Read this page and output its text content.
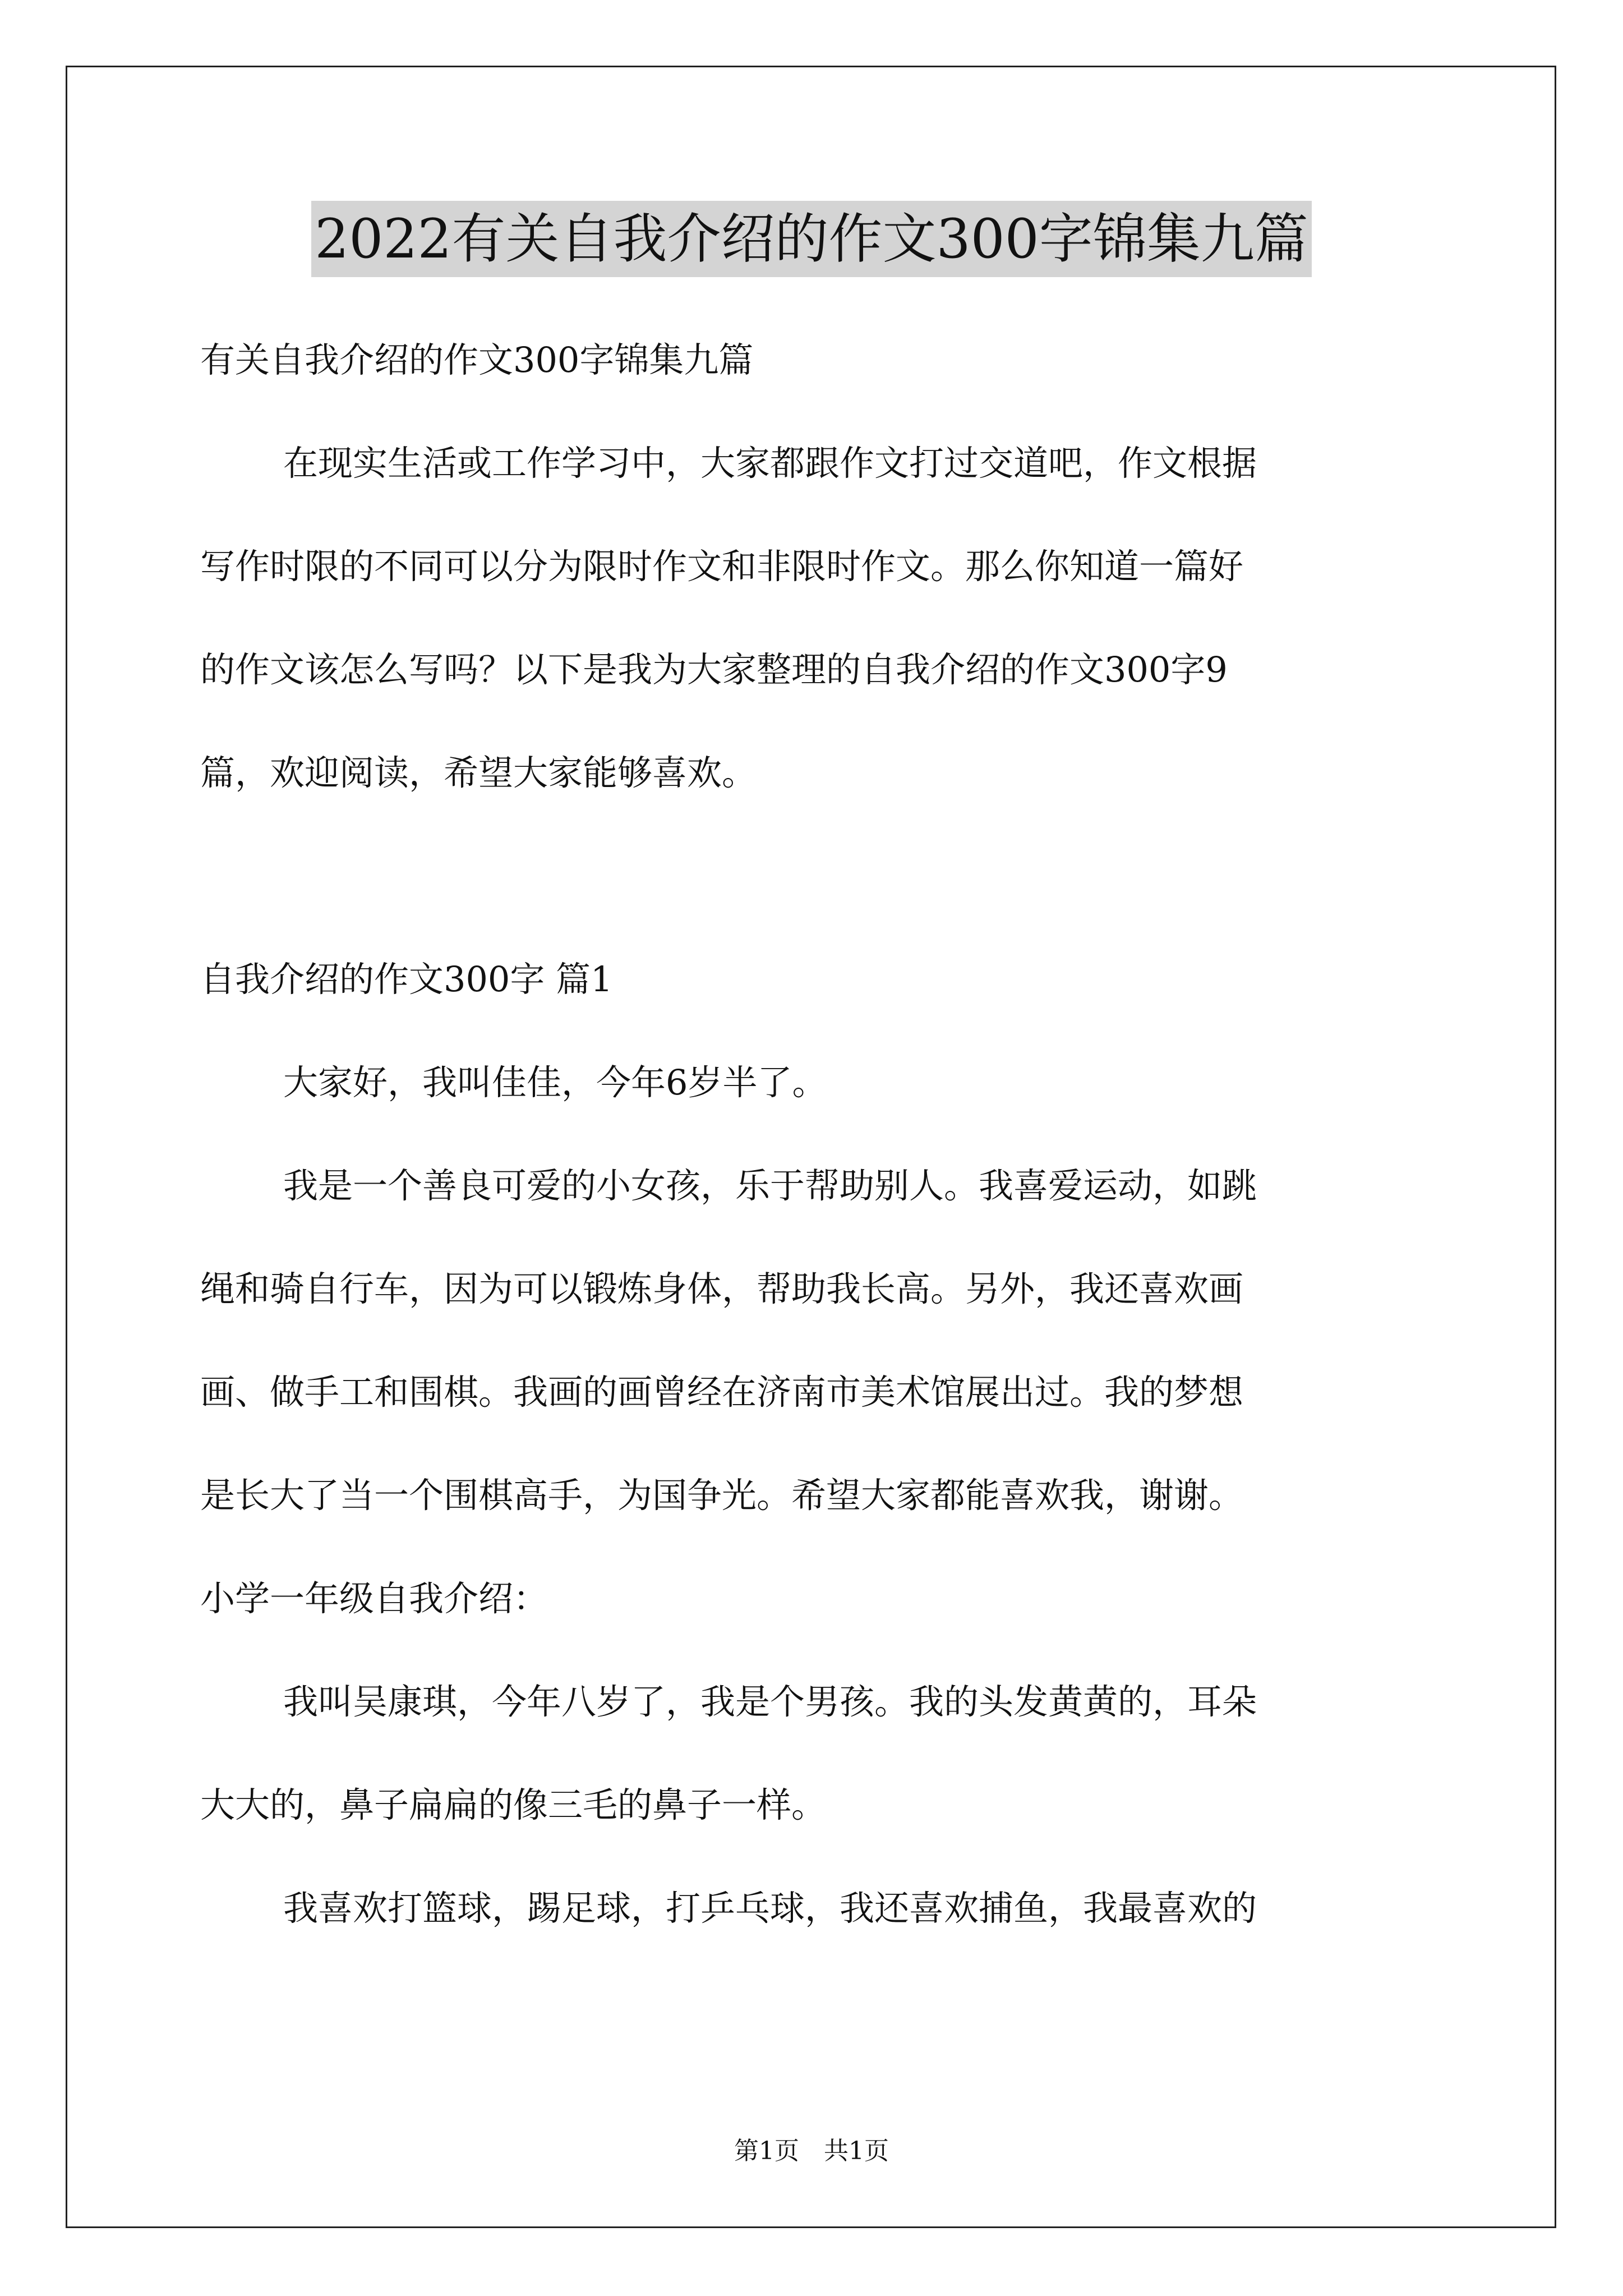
2022有关自我介绍的作文300字锦集九篇

有关自我介绍的作文300字锦集九篇

在现实生活或工作学习中，大家都跟作文打过交道吧，作文根据

写作时限的不同可以分为限时作文和非限时作文。那么你知道一篇好

的作文该怎么写吗？以下是我为大家整理的自我介绍的作文300字9

篇，欢迎阅读，希望大家能够喜欢。

自我介绍的作文300字 篇1

大家好，我叫佳佳，今年6岁半了。

我是一个善良可爱的小女孩，乐于帮助别人。我喜爱运动，如跳

绳和骑自行车，因为可以锻炼身体，帮助我长高。另外，我还喜欢画

画、做手工和围棋。我画的画曾经在济南市美术馆展出过。我的梦想

是长大了当一个围棋高手，为国争光。希望大家都能喜欢我，谢谢。

小学一年级自我介绍：

我叫吴康琪，今年八岁了，我是个男孩。我的头发黄黄的，耳朵

大大的，鼻子扁扁的像三毛的鼻子一样。

我喜欢打篮球，踢足球，打乒乓球，我还喜欢捕鱼，我最喜欢的

第1页　共1页
